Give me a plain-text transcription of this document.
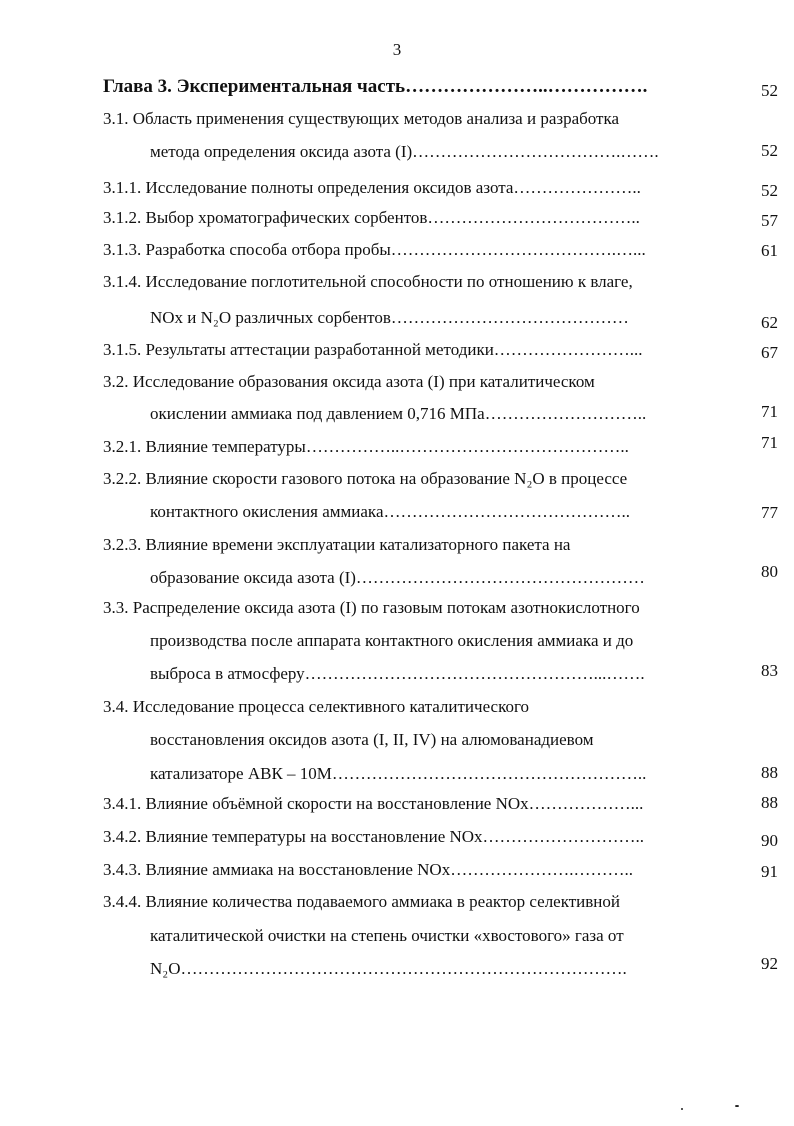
3
Глава 3. Экспериментальная часть…………………..…………….	52
3.1. Область применения существующих методов анализа и разработка
метода определения оксида азота (I)……………………………….…….	52
3.1.1. Исследование полноты определения оксидов азота…………………..	52
3.1.2. Выбор хроматографических сорбентов………………………………..	57
3.1.3. Разработка способа отбора пробы………………………………….…...	61
3.1.4. Исследование поглотительной способности по отношению к влаге,
NOx и N₂O различных сорбентов……………………………………	62
3.1.5. Результаты аттестации разработанной методики……………………...	67
3.2. Исследование образования оксида азота (I) при каталитическом
окислении аммиака под давлением 0,716 МПа………………………..	71
3.2.1. Влияние температуры……………..…………………………………..	71
3.2.2. Влияние скорости газового потока на образование N₂O в процессе
контактного окисления аммиака……………………………………..	77
3.2.3. Влияние времени эксплуатации катализаторного пакета на
образование оксида азота (I)……………………………………………	80
3.3. Распределение оксида азота (I) по газовым потокам азотнокислотного
производства после аппарата контактного окисления аммиака и до
выброса в атмосферу……………………………………………...…….	83
3.4. Исследование процесса селективного каталитического
восстановления оксидов азота (I, II, IV) на алюмованадиевом
катализаторе АВК – 10М………………………………………………..	88
3.4.1. Влияние объёмной скорости на восстановление NOx………………...	88
3.4.2. Влияние температуры на восстановление NOx………………………..	90
3.4.3. Влияние аммиака на восстановление NOx………………….………..	91
3.4.4. Влияние количества подаваемого аммиака в реактор селективной
каталитической очистки на степень очистки «хвостового» газа от
N₂O…………………………………………………………………….	92
